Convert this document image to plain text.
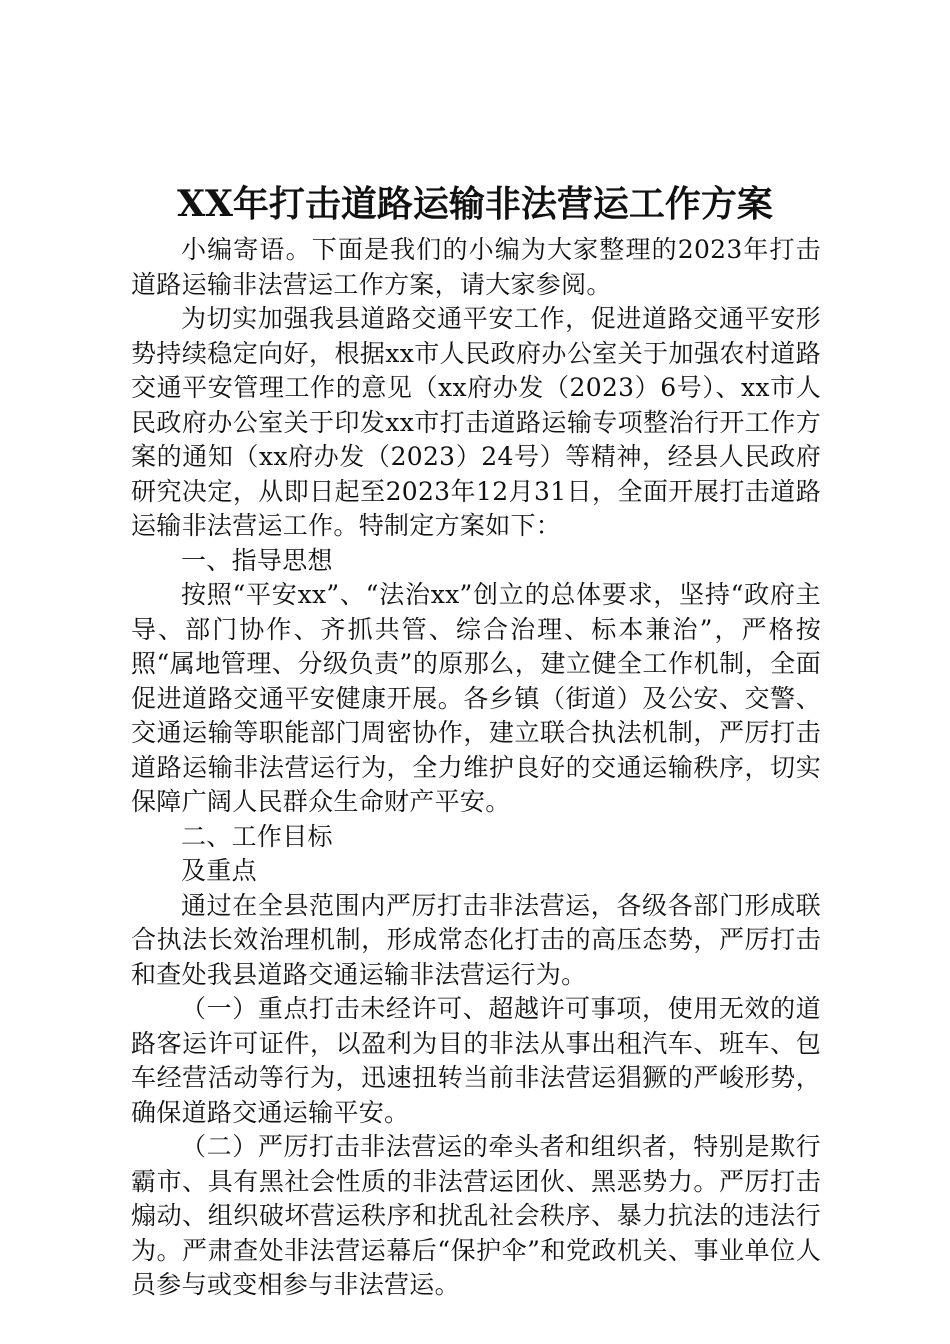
XX年打击道路运输非法营运工作方案

小编寄语。下面是我们的小编为大家整理的2023年打击道路运输非法营运工作方案，请大家参阅。

为切实加强我县道路交通平安工作，促进道路交通平安形势持续稳定向好，根据xx市人民政府办公室关于加强农村道路交通平安管理工作的意见（xx府办发（2023）6号）、xx市人民政府办公室关于印发xx市打击道路运输专项整治行开工作方案的通知（xx府办发（2023）24号）等精神，经县人民政府研究决定，从即日起至2023年12月31日，全面开展打击道路运输非法营运工作。特制定方案如下：

一、指导思想

按照“平安xx”、“法治xx”创立的总体要求，坚持“政府主导、部门协作、齐抓共管、综合治理、标本兼治”，严格按照“属地管理、分级负责”的原那么，建立健全工作机制，全面促进道路交通平安健康开展。各乡镇（街道）及公安、交警、交通运输等职能部门周密协作，建立联合执法机制，严厉打击道路运输非法营运行为，全力维护良好的交通运输秩序，切实保障广阔人民群众生命财产平安。

二、工作目标

及重点

通过在全县范围内严厉打击非法营运，各级各部门形成联合执法长效治理机制，形成常态化打击的高压态势，严厉打击和查处我县道路交通运输非法营运行为。

（一）重点打击未经许可、超越许可事项，使用无效的道路客运许可证件，以盈利为目的非法从事出租汽车、班车、包车经营活动等行为，迅速扭转当前非法营运猖獗的严峻形势，确保道路交通运输平安。

（二）严厉打击非法营运的牵头者和组织者，特别是欺行霸市、具有黑社会性质的非法营运团伙、黑恶势力。严厉打击煽动、组织破坏营运秩序和扰乱社会秩序、暴力抗法的违法行为。严肃查处非法营运幕后“保护伞”和党政机关、事业单位人员参与或变相参与非法营运。
